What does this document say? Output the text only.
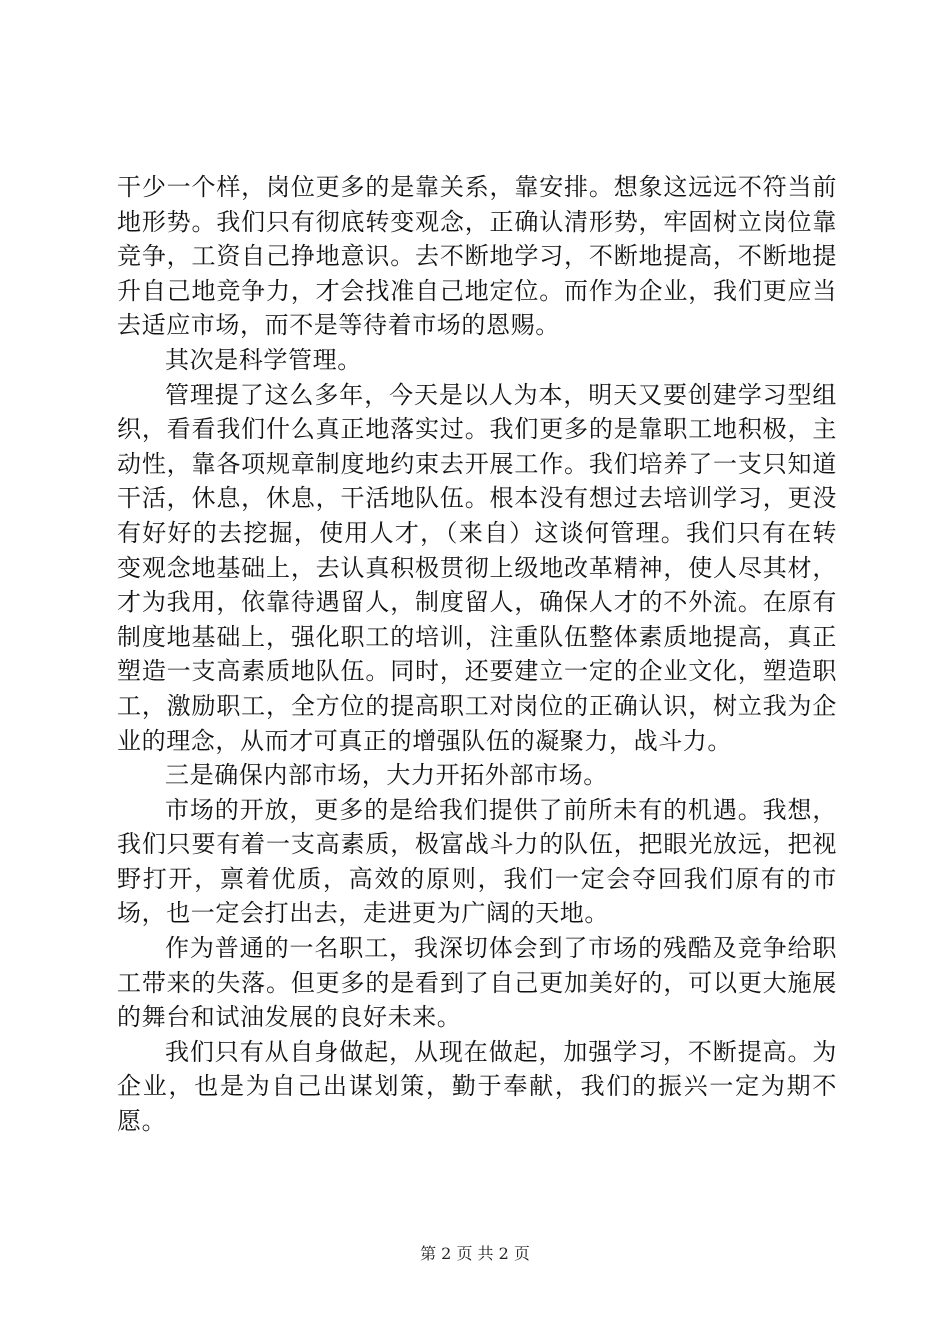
干少一个样，岗位更多的是靠关系，靠安排。想象这远远不符当前地形势。我们只有彻底转变观念，正确认清形势，牢固树立岗位靠竞争，工资自己挣地意识。去不断地学习，不断地提高，不断地提升自己地竞争力，才会找准自己地定位。而作为企业，我们更应当去适应市场，而不是等待着市场的恩赐。

其次是科学管理。

管理提了这么多年，今天是以人为本，明天又要创建学习型组织，看看我们什么真正地落实过。我们更多的是靠职工地积极，主动性，靠各项规章制度地约束去开展工作。我们培养了一支只知道干活，休息，休息，干活地队伍。根本没有想过去培训学习，更没有好好的去挖掘，使用人才，（来自）这谈何管理。我们只有在转变观念地基础上，去认真积极贯彻上级地改革精神，使人尽其材，才为我用，依靠待遇留人，制度留人，确保人才的不外流。在原有制度地基础上，强化职工的培训，注重队伍整体素质地提高，真正塑造一支高素质地队伍。同时，还要建立一定的企业文化，塑造职工，激励职工，全方位的提高职工对岗位的正确认识，树立我为企业的理念，从而才可真正的增强队伍的凝聚力，战斗力。

三是确保内部市场，大力开拓外部市场。

市场的开放，更多的是给我们提供了前所未有的机遇。我想，我们只要有着一支高素质，极富战斗力的队伍，把眼光放远，把视野打开，禀着优质，高效的原则，我们一定会夺回我们原有的市场，也一定会打出去，走进更为广阔的天地。

作为普通的一名职工，我深切体会到了市场的残酷及竞争给职工带来的失落。但更多的是看到了自己更加美好的，可以更大施展的舞台和试油发展的良好未来。

我们只有从自身做起，从现在做起，加强学习，不断提高。为企业，也是为自己出谋划策，勤于奉献，我们的振兴一定为期不愿。

第 2 页 共 2 页
